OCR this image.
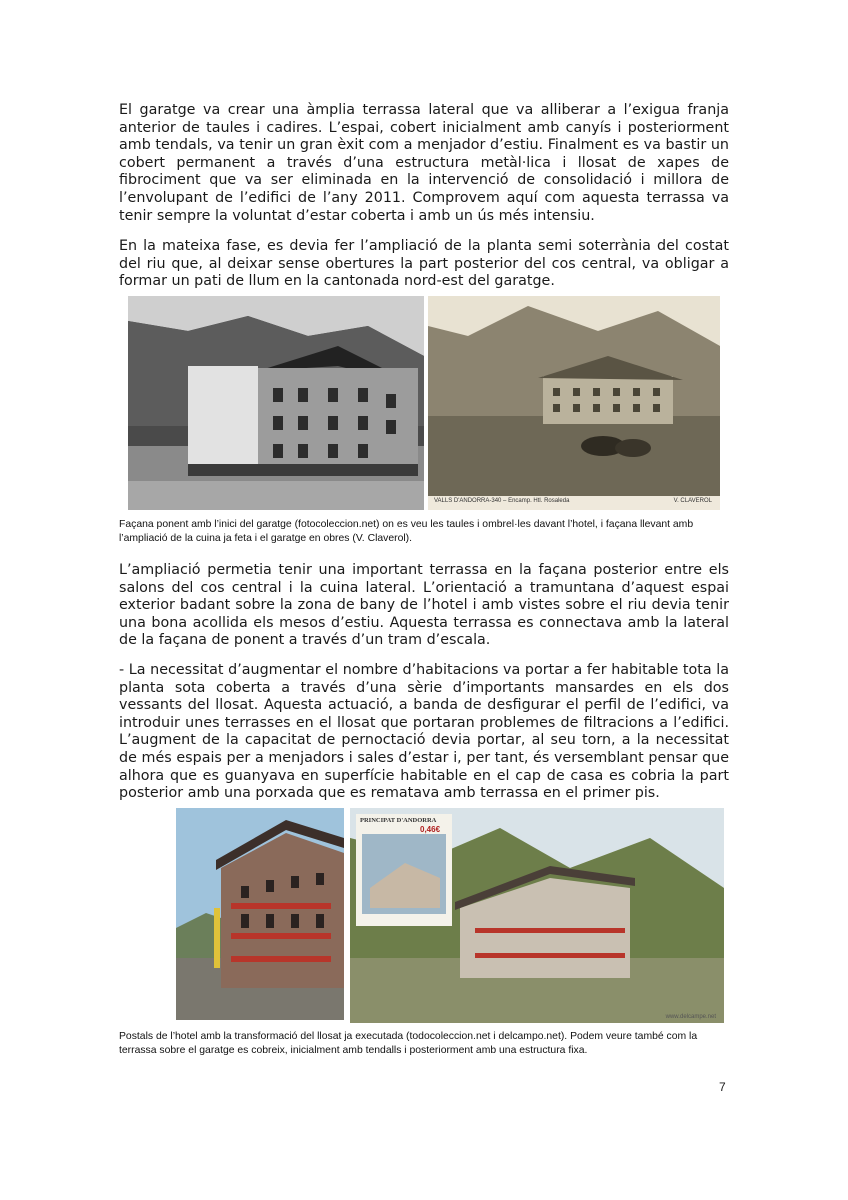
El garatge va crear una àmplia terrassa lateral que va alliberar a l’exigua franja anterior de taules i cadires. L’espai, cobert inicialment amb canyís i posteriorment amb tendals, va tenir un gran èxit com a menjador d’estiu. Finalment es va bastir un cobert permanent a través d’una estructura metàl·lica i llosat de xapes de fibrociment que va ser eliminada en la intervenció de consolidació i millora de l’envolupant de l’edifici de l’any 2011. Comprovem aquí com aquesta terrassa va tenir sempre la voluntat d’estar coberta i amb un ús més intensiu.

En la mateixa fase, es devia fer l’ampliació de la planta semi soterrània del costat del riu que, al deixar sense obertures la part posterior del cos central, va obligar a formar un pati de llum en la cantonada nord-est del garatge.

VALLS D'ANDORRA-340 – Encamp. Htl. Rosaleda	V. CLAVEROL

Façana ponent amb l’inici del garatge (fotocoleccion.net) on es veu les taules i ombrel·les davant l’hotel, i façana llevant amb l’ampliació de la cuina ja feta i el garatge en obres (V. Claverol).

L’ampliació permetia tenir una important terrassa en la façana posterior entre els salons del cos central i la cuina lateral. L’orientació a tramuntana d’aquest espai exterior badant sobre la zona de bany de l’hotel i amb vistes sobre el riu devia tenir una bona acollida els mesos d’estiu. Aquesta terrassa es connectava amb la lateral de la façana de ponent a través d’un tram d’escala.

- La necessitat d’augmentar el nombre d’habitacions va portar a fer habitable tota la planta sota coberta a través d’una sèrie d’importants mansardes en els dos vessants del llosat. Aquesta actuació, a banda de desfigurar el perfil de l’edifici, va introduir unes terrasses en el llosat que portaran problemes de filtracions a l’edifici. L’augment de la capacitat de pernoctació devia portar, al seu torn, a la necessitat de més espais per a menjadors i sales d’estar i, per tant, és versemblant pensar que alhora que es guanyava en superfície habitable en el cap de casa es cobria la part posterior amb una porxada que es rematava amb terrassa en el primer pis.

PRINCIPAT D'ANDORRA
0,46€
www.delcampe.net

Postals de l’hotel amb la transformació del llosat ja executada (todocoleccion.net i delcampo.net). Podem veure també com la terrassa sobre el garatge es cobreix, inicialment amb tendalls i posteriorment amb una estructura fixa.

7
